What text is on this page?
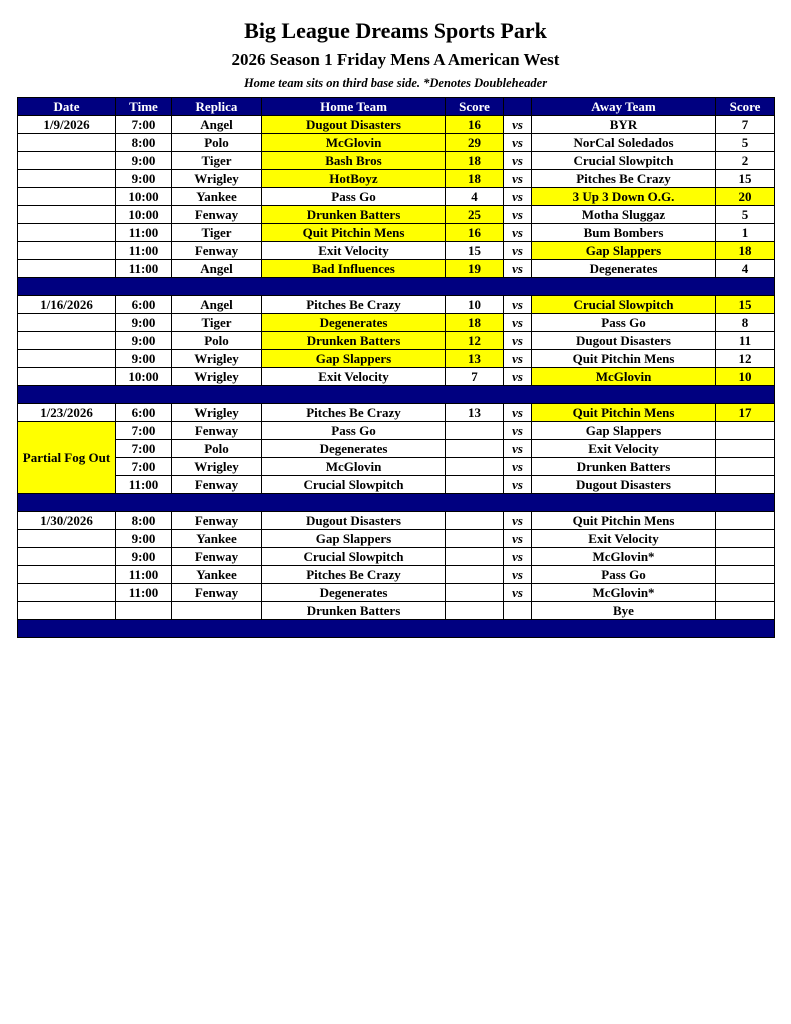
Big League Dreams Sports Park
2026 Season 1 Friday Mens A American West
Home team sits on third base side. *Denotes Doubleheader
Date	Time	Replica	Home Team	Score		Away Team	Score
1/9/2026	7:00	Angel	Dugout Disasters	16	vs	BYR	7
	8:00	Polo	McGlovin	29	vs	NorCal Soledados	5
	9:00	Tiger	Bash Bros	18	vs	Crucial Slowpitch	2
	9:00	Wrigley	HotBoyz	18	vs	Pitches Be Crazy	15
	10:00	Yankee	Pass Go	4	vs	3 Up 3 Down O.G.	20
	10:00	Fenway	Drunken Batters	25	vs	Motha Sluggaz	5
	11:00	Tiger	Quit Pitchin Mens	16	vs	Bum Bombers	1
	11:00	Fenway	Exit Velocity	15	vs	Gap Slappers	18
	11:00	Angel	Bad Influences	19	vs	Degenerates	4

1/16/2026	6:00	Angel	Pitches Be Crazy	10	vs	Crucial Slowpitch	15
	9:00	Tiger	Degenerates	18	vs	Pass Go	8
	9:00	Polo	Drunken Batters	12	vs	Dugout Disasters	11
	9:00	Wrigley	Gap Slappers	13	vs	Quit Pitchin Mens	12
	10:00	Wrigley	Exit Velocity	7	vs	McGlovin	10

1/23/2026	6:00	Wrigley	Pitches Be Crazy	13	vs	Quit Pitchin Mens	17
Partial Fog Out	7:00	Fenway	Pass Go		vs	Gap Slappers	
	7:00	Polo	Degenerates		vs	Exit Velocity	
	7:00	Wrigley	McGlovin		vs	Drunken Batters	
	11:00	Fenway	Crucial Slowpitch		vs	Dugout Disasters	

1/30/2026	8:00	Fenway	Dugout Disasters		vs	Quit Pitchin Mens	
	9:00	Yankee	Gap Slappers		vs	Exit Velocity	
	9:00	Fenway	Crucial Slowpitch		vs	McGlovin*	
	11:00	Yankee	Pitches Be Crazy		vs	Pass Go	
	11:00	Fenway	Degenerates		vs	McGlovin*	
			Drunken Batters			Bye	
